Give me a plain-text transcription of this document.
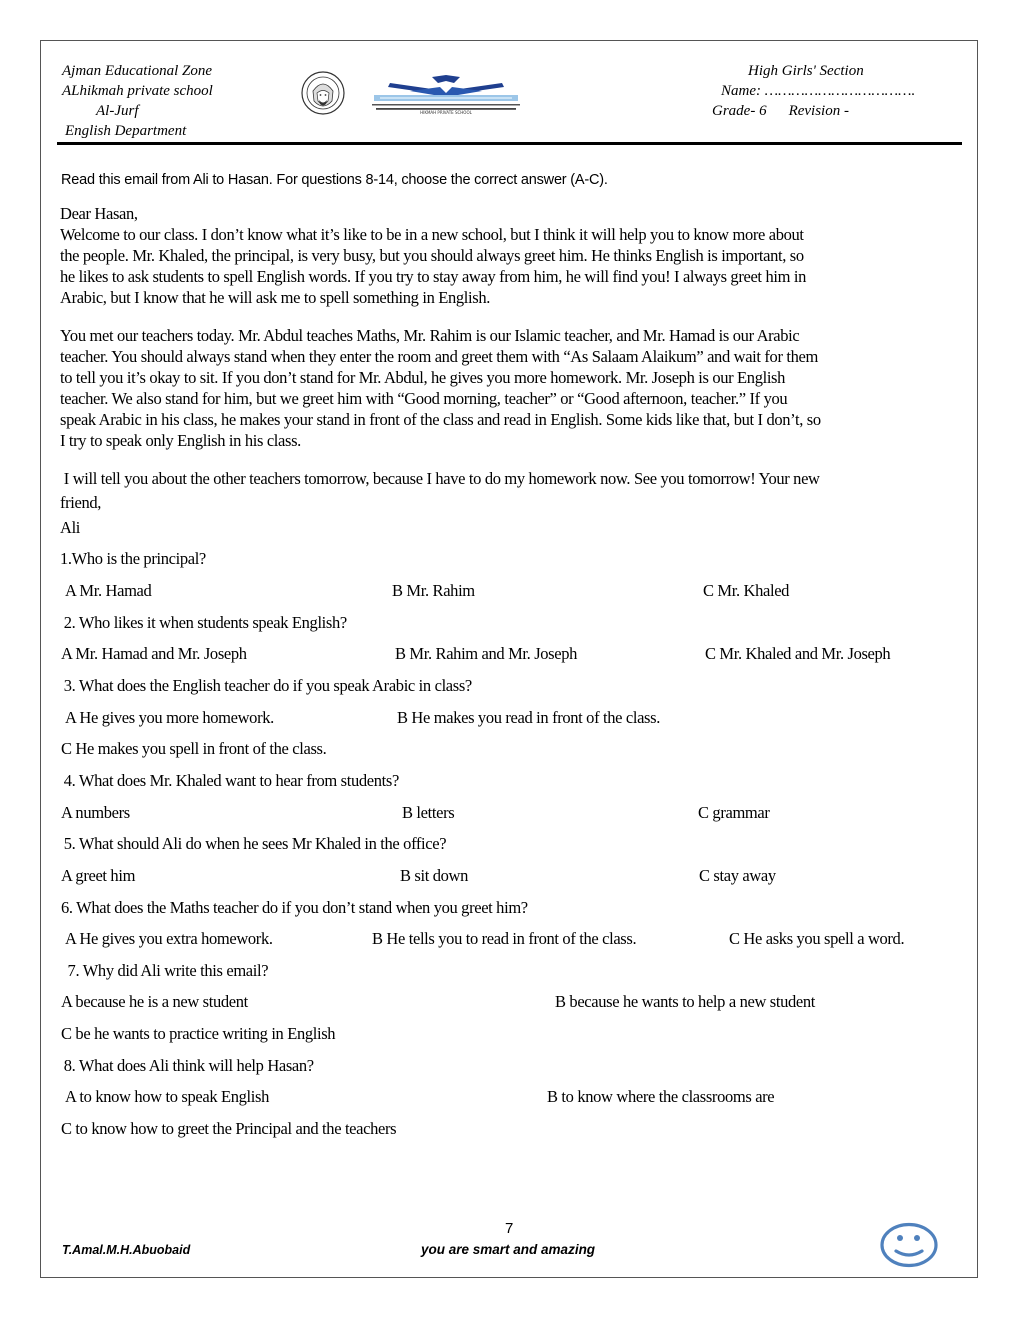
Ajman Educational Zone
ALhikmah private school
Al-Jurf
English Department
HIKMAH PRIVATE SCHOOL
High Girls' Section
Name: …………………………….
Grade- 6 Revision -
Read this email from Ali to Hasan. For questions 8-14, choose the correct answer (A-C).
Dear Hasan,
Welcome to our class. I don’t know what it’s like to be in a new school, but I think it will help you to know more about
the people. Mr. Khaled, the principal, is very busy, but you should always greet him. He thinks English is important, so
he likes to ask students to spell English words. If you try to stay away from him, he will find you! I always greet him in
Arabic, but I know that he will ask me to spell something in English.
You met our teachers today. Mr. Abdul teaches Maths, Mr. Rahim is our Islamic teacher, and Mr. Hamad is our Arabic
teacher. You should always stand when they enter the room and greet them with “As Salaam Alaikum” and wait for them
to tell you it’s okay to sit. If you don’t stand for Mr. Abdul, he gives you more homework. Mr. Joseph is our English
teacher. We also stand for him, but we greet him with “Good morning, teacher” or “Good afternoon, teacher.” If you
speak Arabic in his class, he makes your stand in front of the class and read in English. Some kids like that, but I don’t, so
I try to speak only English in his class.
I will tell you about the other teachers tomorrow, because I have to do my homework now. See you tomorrow! Your new
friend,
Ali
1.Who is the principal?
A Mr. Hamad	B Mr. Rahim	C Mr. Khaled
2. Who likes it when students speak English?
A Mr. Hamad and Mr. Joseph	B Mr. Rahim and Mr. Joseph	C Mr. Khaled and Mr. Joseph
3. What does the English teacher do if you speak Arabic in class?
A He gives you more homework.	B He makes you read in front of the class.
C He makes you spell in front of the class.
4. What does Mr. Khaled want to hear from students?
A numbers	B letters	C grammar
5. What should Ali do when he sees Mr Khaled in the office?
A greet him	B sit down	C stay away
6. What does the Maths teacher do if you don’t stand when you greet him?
A He gives you extra homework.	B He tells you to read in front of the class.	C He asks you spell a word.
7. Why did Ali write this email?
A because he is a new student	B because he wants to help a new student
C be he wants to practice writing in English
8. What does Ali think will help Hasan?
A to know how to speak English	B to know where the classrooms are
C to know how to greet the Principal and the teachers
7
T.Amal.M.H.Abuobaid	you are smart and amazing
